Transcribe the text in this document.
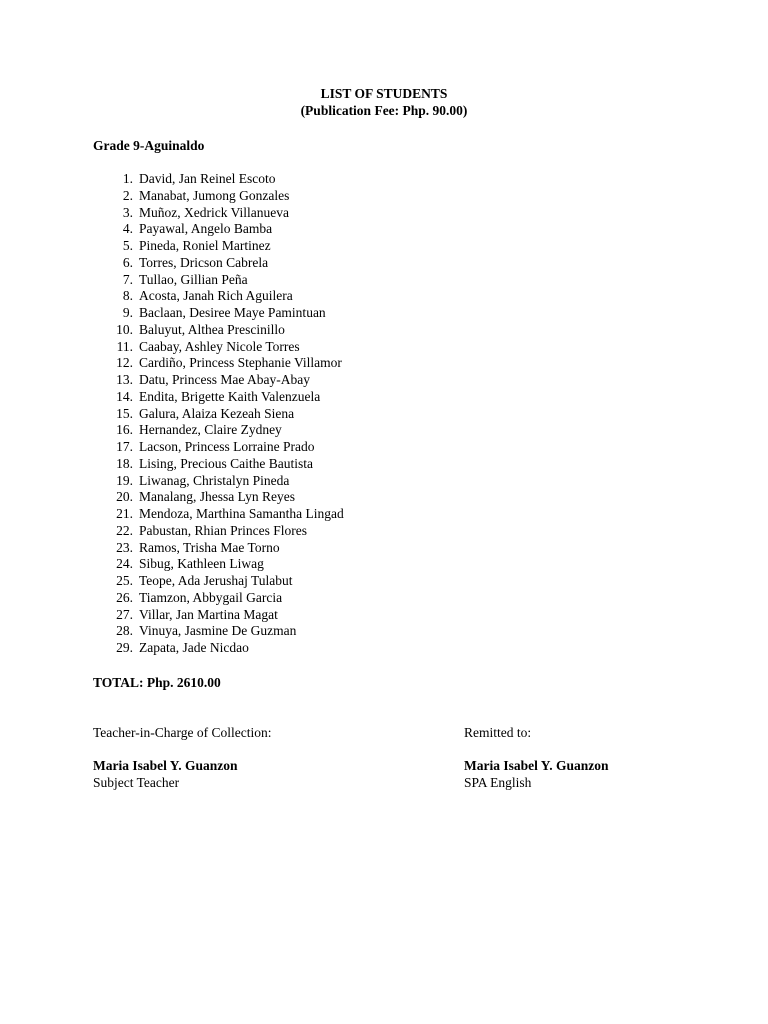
LIST OF STUDENTS

(Publication Fee: Php. 90.00)

Grade 9-Aguinaldo

1. David, Jan Reinel Escoto
2. Manabat, Jumong Gonzales
3. Muñoz, Xedrick Villanueva
4. Payawal, Angelo Bamba
5. Pineda, Roniel Martinez
6. Torres, Dricson Cabrela
7. Tullao, Gillian Peña
8. Acosta, Janah Rich Aguilera
9. Baclaan, Desiree Maye Pamintuan
10. Baluyut, Althea Prescinillo
11. Caabay, Ashley Nicole Torres
12. Cardiño, Princess Stephanie Villamor
13. Datu, Princess Mae Abay-Abay
14. Endita, Brigette Kaith Valenzuela
15. Galura, Alaiza Kezeah Siena
16. Hernandez, Claire Zydney
17. Lacson, Princess Lorraine Prado
18. Lising, Precious Caithe Bautista
19. Liwanag, Christalyn Pineda
20. Manalang, Jhessa Lyn Reyes
21. Mendoza, Marthina Samantha Lingad
22. Pabustan, Rhian Princes Flores
23. Ramos, Trisha Mae Torno
24. Sibug, Kathleen Liwag
25. Teope, Ada Jerushaj Tulabut
26. Tiamzon, Abbygail Garcia
27. Villar, Jan Martina Magat
28. Vinuya, Jasmine De Guzman
29. Zapata, Jade Nicdao

TOTAL: Php. 2610.00

Teacher-in-Charge of Collection:
Maria Isabel Y. Guanzon
Subject Teacher
Remitted to:
Maria Isabel Y. Guanzon
SPA English
